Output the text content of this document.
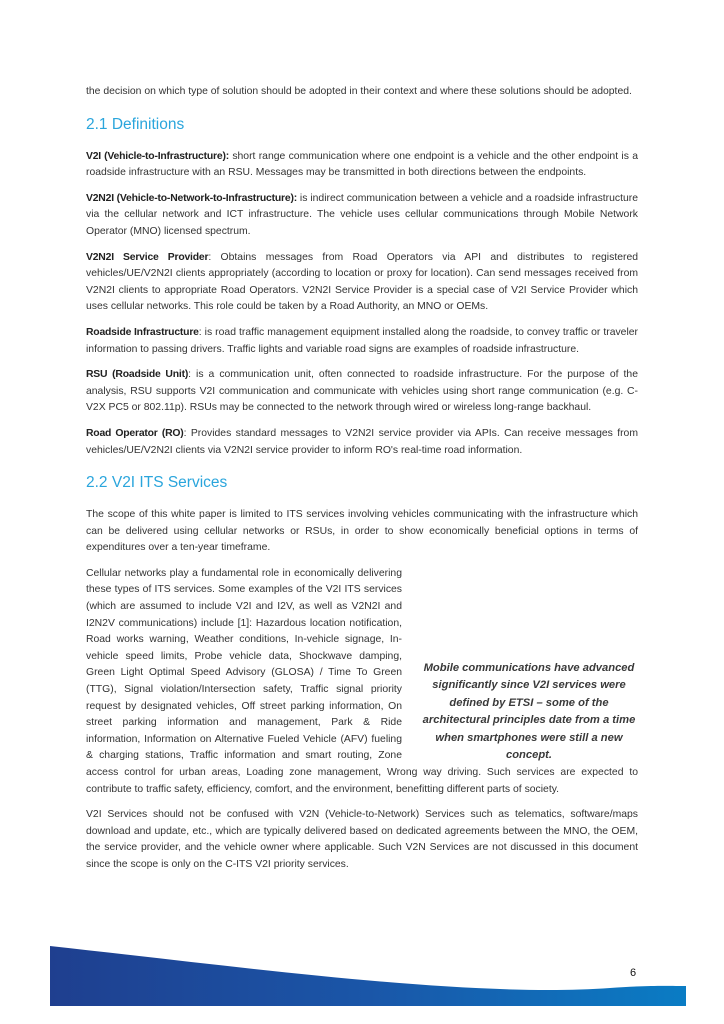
the decision on which type of solution should be adopted in their context and where these solutions should be adopted.

2.1 Definitions

V2I (Vehicle-to-Infrastructure): short range communication where one endpoint is a vehicle and the other endpoint is a roadside infrastructure with an RSU. Messages may be transmitted in both directions between the endpoints.

V2N2I (Vehicle-to-Network-to-Infrastructure): is indirect communication between a vehicle and a roadside infrastructure via the cellular network and ICT infrastructure. The vehicle uses cellular communications through Mobile Network Operator (MNO) licensed spectrum.

V2N2I Service Provider: Obtains messages from Road Operators via API and distributes to registered vehicles/UE/V2N2I clients appropriately (according to location or proxy for location). Can send messages received from V2N2I clients to appropriate Road Operators. V2N2I Service Provider is a special case of V2I Service Provider which uses cellular networks. This role could be taken by a Road Authority, an MNO or OEMs.

Roadside Infrastructure: is road traffic management equipment installed along the roadside, to convey traffic or traveler information to passing drivers. Traffic lights and variable road signs are examples of roadside infrastructure.

RSU (Roadside Unit): is a communication unit, often connected to roadside infrastructure. For the purpose of the analysis, RSU supports V2I communication and communicate with vehicles using short range communication (e.g. C-V2X PC5 or 802.11p). RSUs may be connected to the network through wired or wireless long-range backhaul.

Road Operator (RO): Provides standard messages to V2N2I service provider via APIs. Can receive messages from vehicles/UE/V2N2I clients via V2N2I service provider to inform RO's real-time road information.

2.2 V2I ITS Services

The scope of this white paper is limited to ITS services involving vehicles communicating with the infrastructure which can be delivered using cellular networks or RSUs, in order to show economically beneficial options in terms of expenditures over a ten-year timeframe.

Mobile communications have advanced significantly since V2I services were defined by ETSI – some of the architectural principles date from a time when smartphones were still a new concept.
Cellular networks play a fundamental role in economically delivering these types of ITS services. Some examples of the V2I ITS services (which are assumed to include V2I and I2V, as well as V2N2I and I2N2V communications) include [1]: Hazardous location notification, Road works warning, Weather conditions, In-vehicle signage, In-vehicle speed limits, Probe vehicle data, Shockwave damping, Green Light Optimal Speed Advisory (GLOSA) / Time To Green (TTG), Signal violation/Intersection safety, Traffic signal priority request by designated vehicles, Off street parking information, On street parking information and management, Park & Ride information, Information on Alternative Fueled Vehicle (AFV) fueling & charging stations, Traffic information and smart routing, Zone access control for urban areas, Loading zone management, Wrong way driving. Such services are expected to contribute to traffic safety, efficiency, comfort, and the environment, benefitting different parts of society.

V2I Services should not be confused with V2N (Vehicle-to-Network) Services such as telematics, software/maps download and update, etc., which are typically delivered based on dedicated agreements between the MNO, the OEM, the service provider, and the vehicle owner where applicable. Such V2N Services are not discussed in this document since the scope is only on the C-ITS V2I priority services.

6
